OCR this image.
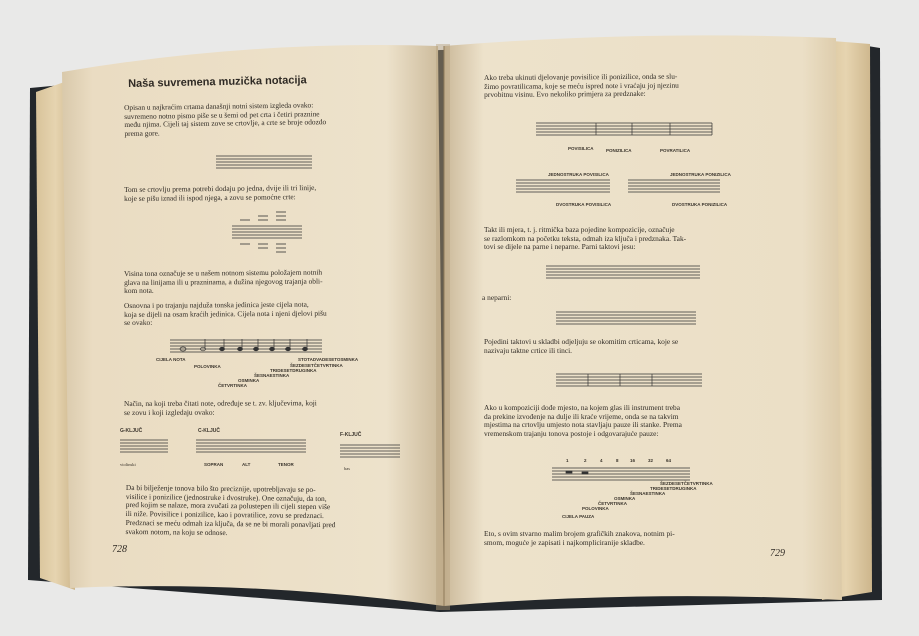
Naša suvremena muzička notacija
Opisan u najkraćim crtama današnji notni sistem izgleda ovako:
suvremeno notno pismo piše se u šemi od pet crta i četiri praznine
među njima. Cijeli taj sistem zove se crtovlje, a crte se broje odozdo
prema gore.
Tom se crtovlju prema potrebi dodaju po jedna, dvije ili tri linije,
koje se pišu iznad ili ispod njega, a zovu se pomoćne crte:
Visina tona označuje se u našem notnom sistemu položajem notnih
glava na linijama ili u prazninama, a dužina njegovog trajanja obli-
kom nota.
Osnovna i po trajanju najduža tonska jedinica jeste cijela nota,
koja se dijeli na osam kraćih jedinica. Cijela nota i njeni djelovi pišu
se ovako:
CIJELA NOTA
POLOVINKA
ČETVRTINKA
OSMINKA
ŠESNAESTINKA
TRIDESETDRUGINKA
ŠEZDESETČETVRTINKA
STOTADVADESETOSMINKA
Način, na koji treba čitati note, određuje se t. zv. ključevima, koji
se zovu i koji izgledaju ovako:
G-KLJUČ	C-KLJUČ
F-KLJUČ
violinski	SOPRAN	ALT	TENOR
bas
Da bi bilježenje tonova bilo što preciznije, upotrebljavaju se po-
visilice i ponizilice (jednostruke i dvostruke). One označuju, da ton,
pred kojim se nalaze, mora zvučati za polustepen ili cijeli stepen više
ili niže. Povisilice i ponizilice, kao i povratilice, zovu se predznaci.
Predznaci se meću odmah iza ključa, da se ne bi morali ponavljati pred
svakom notom, na koju se odnose.
728
Ako treba ukinuti djelovanje povisilice ili ponizilice, onda se slu-
žimo povratilicama, koje se meću ispred note i vraćaju joj njezinu
prvobitnu visinu. Evo nekoliko primjera za predznake:
POVISILICA	PONIZILICA	POVRATILICA
JEDNOSTRUKA POVISILICA
DVOSTRUKA POVISILICA
JEDNOSTRUKA PONIZILICA
DVOSTRUKA PONIZILICA
Takt ili mjera, t. j. ritmička baza pojedine kompozicije, označuje
se razlomkom na početku teksta, odmah iza ključa i predznaka. Tak-
tovi se dijele na parne i neparne. Parni taktovi jesu:
a neparni:
Pojedini taktovi u skladbi odjeljuju se okomitim crticama, koje se
nazivaju taktne crtice ili tinci.
Ako u kompoziciji dođe mjesto, na kojem glas ili instrument treba
da prekine izvođenje na dulje ili kraće vrijeme, onda se na takvim
mjestima na crtovlju umjesto nota stavljaju pauze ili stanke. Prema
vremenskom trajanju tonova postoje i odgovarajuće pauze:
1	2	4	8	16	32	64
CIJELA PAUZA
POLOVINKA
ČETVRTINKA
OSMINKA
ŠESNAESTINKA
TRIDESETDRUGINKA
ŠEZDESETČETVRTINKA
Eto, s ovim stvarno malim brojem grafičkih znakova, notnim pi-
smom, moguće je zapisati i najkompliciranije skladbe.
729
